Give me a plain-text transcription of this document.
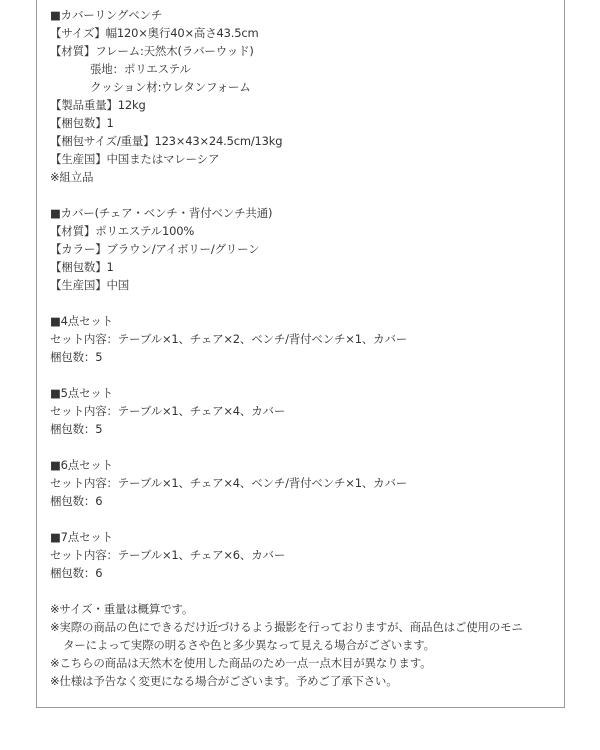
■カバーリングベンチ
【サイズ】幅120×奥行40×高さ43.5cm
【材質】フレーム:天然木(ラバーウッド)
張地：ポリエステル
クッション材:ウレタンフォーム
【製品重量】12kg
【梱包数】1
【梱包サイズ/重量】123×43×24.5cm/13kg
【生産国】中国またはマレーシア
※組立品
■カバー(チェア・ベンチ・背付ベンチ共通)
【材質】ポリエステル100%
【カラー】ブラウン/アイボリー/グリーン
【梱包数】1
【生産国】中国
■4点セット
セット内容：テーブル×1、チェア×2、ベンチ/背付ベンチ×1、カバー
梱包数：5
■5点セット
セット内容：テーブル×1、チェア×4、カバー
梱包数：5
■6点セット
セット内容：テーブル×1、チェア×4、ベンチ/背付ベンチ×1、カバー
梱包数：6
■7点セット
セット内容：テーブル×1、チェア×6、カバー
梱包数：6
※サイズ・重量は概算です。
※実際の商品の色にできるだけ近づけるよう撮影を行っておりますが、商品色はご使用のモニ
ターによって実際の明るさや色と多少異なって見える場合がございます。
※こちらの商品は天然木を使用した商品のため一点一点木目が異なります。
※仕様は予告なく変更になる場合がございます。予めご了承下さい。
